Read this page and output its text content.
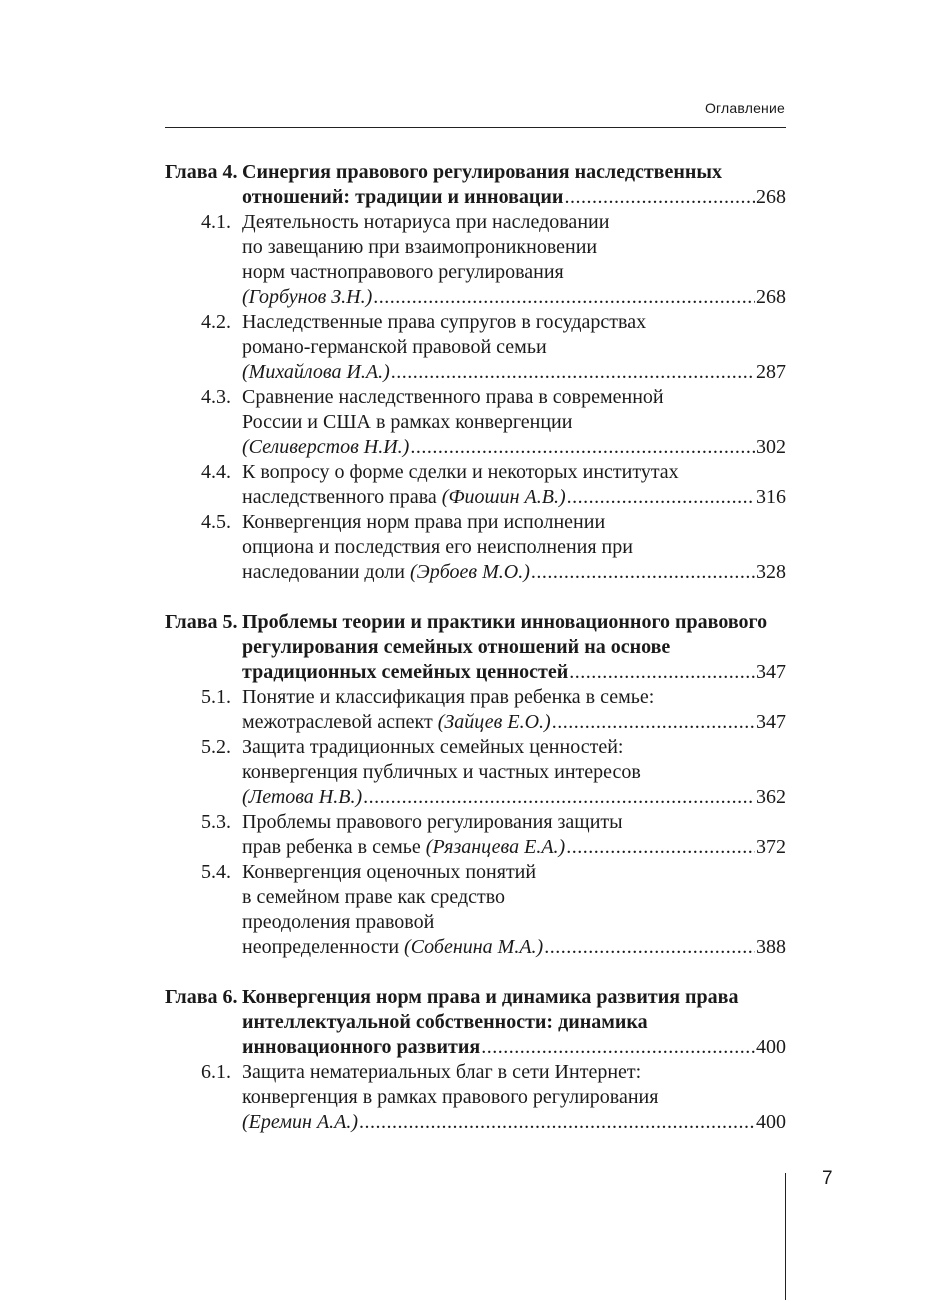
Оглавление
Глава 4. Синергия правового регулирования наследственных
отношений: традиции и инновации .....	268
4.1. Деятельность нотариуса при наследовании
по завещанию при взаимопроникновении
норм частноправового регулирования
(Горбунов З.Н.) .....	268
4.2. Наследственные права супругов в государствах
романо-германской правовой семьи
(Михайлова И.А.) .....	287
4.3. Сравнение наследственного права в современной
России и США в рамках конвергенции
(Селиверстов Н.И.) .....	302
4.4. К вопросу о форме сделки и некоторых институтах
наследственного права (Фиошин А.В.) .....	316
4.5. Конвергенция норм права при исполнении
опциона и последствия его неисполнения при
наследовании доли (Эрбоев М.О.) .....	328
Глава 5. Проблемы теории и практики инновационного правового
регулирования семейных отношений на основе
традиционных семейных ценностей .....	347
5.1. Понятие и классификация прав ребенка в семье:
межотраслевой аспект (Зайцев Е.О.) .....	347
5.2. Защита традиционных семейных ценностей:
конвергенция публичных и частных интересов
(Летова Н.В.) .....	362
5.3. Проблемы правового регулирования защиты
прав ребенка в семье (Рязанцева Е.А.) .....	372
5.4. Конвергенция оценочных понятий
в семейном праве как средство
преодоления правовой
неопределенности (Собенина М.А.) .....	388
Глава 6. Конвергенция норм права и динамика развития права
интеллектуальной собственности: динамика
инновационного развития .....	400
6.1. Защита нематериальных благ в сети Интернет:
конвергенция в рамках правового регулирования
(Еремин А.А.) .....	400
7
